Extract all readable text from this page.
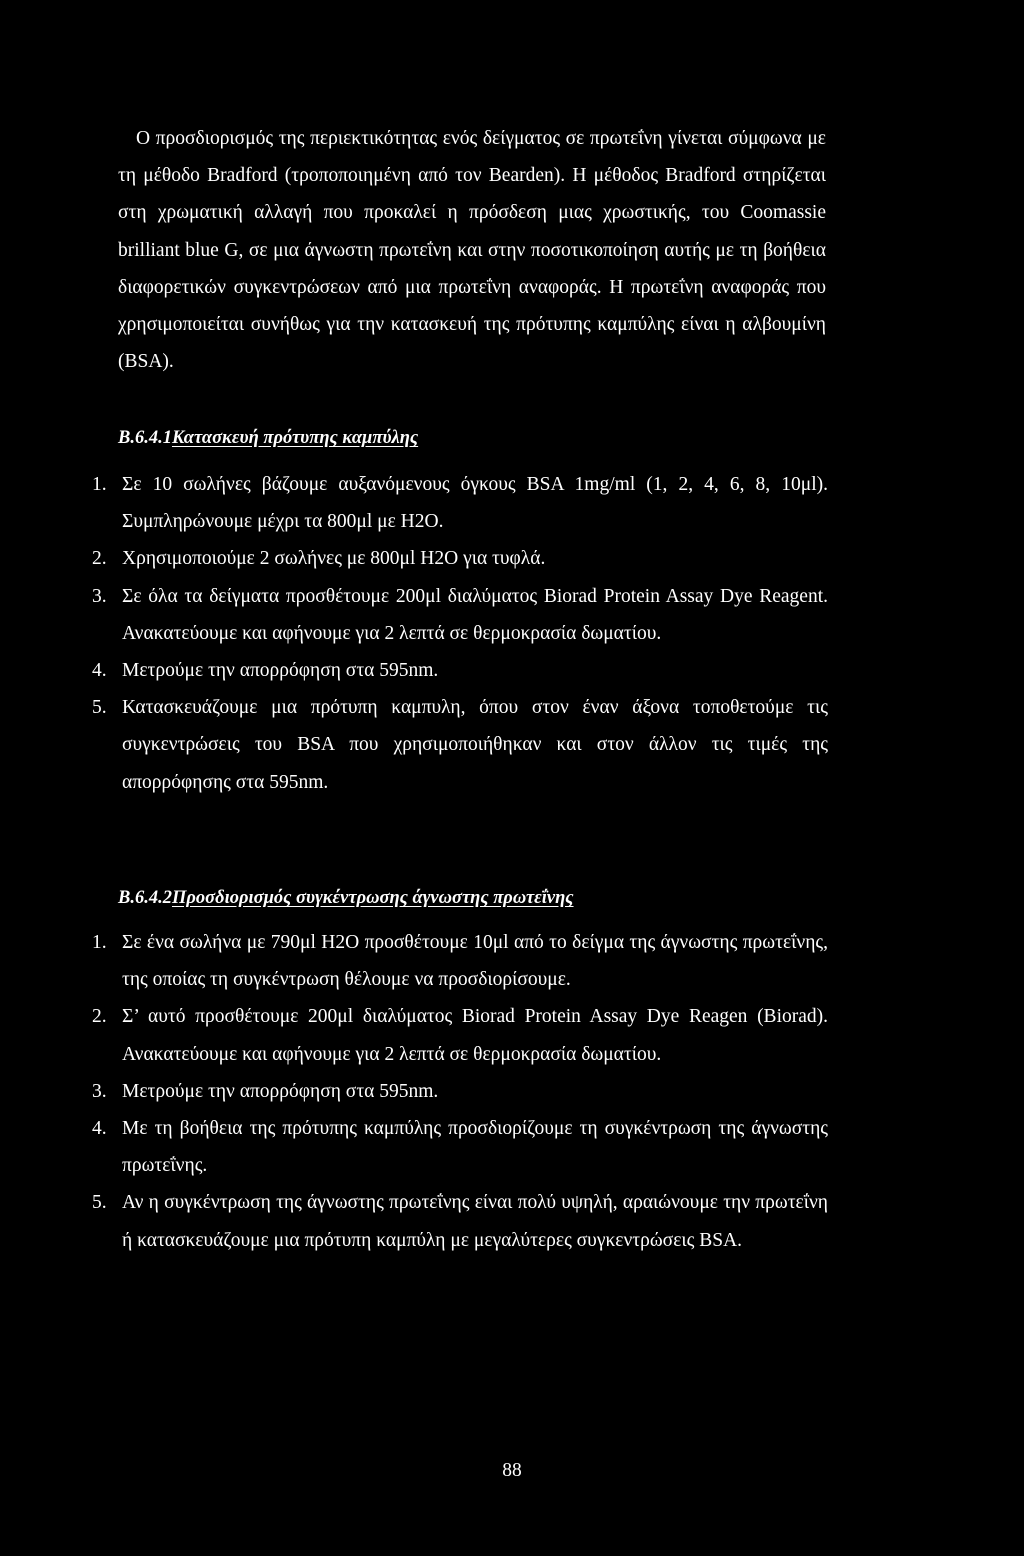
Ο προσδιορισμός της περιεκτικότητας ενός δείγματος σε πρωτεΐνη γίνεται σύμφωνα με τη μέθοδο Bradford (τροποποιημένη από τον Bearden). Η μέθοδος Bradford στηρίζεται στη χρωματική αλλαγή που προκαλεί η πρόσδεση μιας χρωστικής, του Coomassie brilliant blue G, σε μια άγνωστη πρωτεΐνη και στην ποσοτικοποίηση αυτής με τη βοήθεια διαφορετικών συγκεντρώσεων από μια πρωτεΐνη αναφοράς. Η πρωτεΐνη αναφοράς που χρησιμοποιείται συνήθως για την κατασκευή της πρότυπης καμπύλης είναι η αλβουμίνη (BSA).

Β.6.4.1Κατασκευή πρότυπης καμπύλης
1. Σε 10 σωλήνες βάζουμε αυξανόμενους όγκους BSA 1mg/ml (1, 2, 4, 6, 8, 10μl). Συμπληρώνουμε μέχρι τα 800μl με H2O.
2. Χρησιμοποιούμε 2 σωλήνες με 800μl H2O για τυφλά.
3. Σε όλα τα δείγματα προσθέτουμε 200μl διαλύματος Biorad Protein Assay Dye Reagent. Ανακατεύουμε και αφήνουμε για 2 λεπτά σε θερμοκρασία δωματίου.
4. Μετρούμε την απορρόφηση στα 595nm.
5. Κατασκευάζουμε μια πρότυπη καμπυλη, όπου στον έναν άξονα τοποθετούμε τις συγκεντρώσεις του BSA που χρησιμοποιήθηκαν και στον άλλον τις τιμές της απορρόφησης στα 595nm.
Β.6.4.2Προσδιορισμός συγκέντρωσης άγνωστης πρωτεΐνης
1. Σε ένα σωλήνα με 790μl H2O προσθέτουμε 10μl από το δείγμα της άγνωστης πρωτεΐνης, της οποίας τη συγκέντρωση θέλουμε να προσδιορίσουμε.
2. Σ’ αυτό προσθέτουμε 200μl διαλύματος Biorad Protein Assay Dye Reagen (Biorad). Ανακατεύουμε και αφήνουμε για 2 λεπτά σε θερμοκρασία δωματίου.
3. Μετρούμε την απορρόφηση στα 595nm.
4. Με τη βοήθεια της πρότυπης καμπύλης προσδιορίζουμε τη συγκέντρωση της άγνωστης πρωτεΐνης.
5. Αν η συγκέντρωση της άγνωστης πρωτεΐνης είναι πολύ υψηλή, αραιώνουμε την πρωτεΐνη ή κατασκευάζουμε μια πρότυπη καμπύλη με μεγαλύτερες συγκεντρώσεις BSA.
88
